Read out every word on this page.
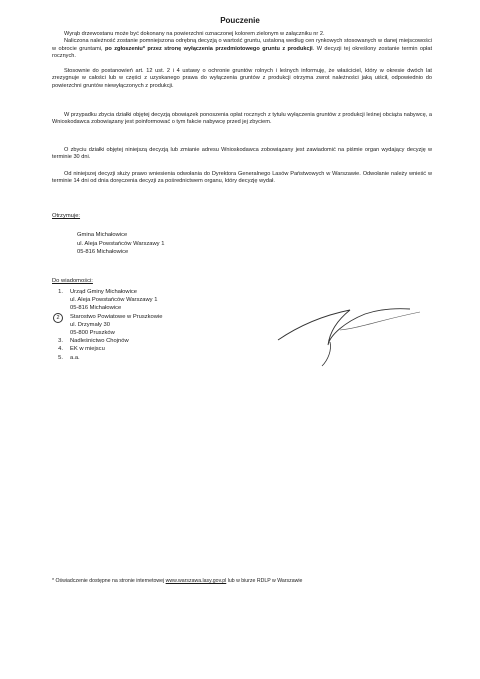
Pouczenie

Wyrąb drzewostanu może być dokonany na powierzchni oznaczonej kolorem zielonym w załączniku nr 2.
Naliczona należność zostanie pomniejszona odrębną decyzją o wartość gruntu, ustaloną według cen rynkowych stosowanych w danej miejscowości w obrocie gruntami, po zgłoszeniu* przez stronę wyłączenia przedmiotowego gruntu z produkcji. W decyzji tej określony zostanie termin opłat rocznych.

Stosownie do postanowień art. 12 ust. 2 i 4 ustawy o ochronie gruntów rolnych i leśnych informuję, że właściciel, który w okresie dwóch lat zrezygnuje w całości lub w części z uzyskanego prawa do wyłączenia gruntów z produkcji otrzyma zwrot należności jaką uiścił, odpowiednio do powierzchni gruntów niewyłączonych z produkcji.

W przypadku zbycia działki objętej decyzją obowiązek ponoszenia opłat rocznych z tytułu wyłączenia gruntów z produkcji leśnej obciąża nabywcę, a Wnioskodawca zobowiązany jest poinformować o tym fakcie nabywcę przed jej zbyciem.

O zbyciu działki objętej niniejszą decyzją lub zmianie adresu Wnioskodawca zobowiązany jest zawiadomić na piśmie organ wydający decyzję w terminie 30 dni.

Od niniejszej decyzji służy prawo wniesienia odwołania do Dyrektora Generalnego Lasów Państwowych w Warszawie. Odwołanie należy wnieść w terminie 14 dni od dnia doręczenia decyzji za pośrednictwem organu, który decyzję wydał.

Otrzymuje:
Gmina Michałowice
ul. Aleja Powstańców Warszawy 1
05-816 Michałowice
Do wiadomości:
1.	Urząd Gminy Michałowice
ul. Aleja Powstańców Warszawy 1
05-816 Michałowice
2	Starostwo Powiatowe w Pruszkowie
ul. Drzymały 30
05-800 Pruszków
3.	Nadleśnictwo Chojnów
4.	EK w miejscu
5.	a.a.
* Oświadczenie dostępne na stronie internetowej www.warszawa.lasy.gov.pl lub w biurze RDLP w Warszawie
